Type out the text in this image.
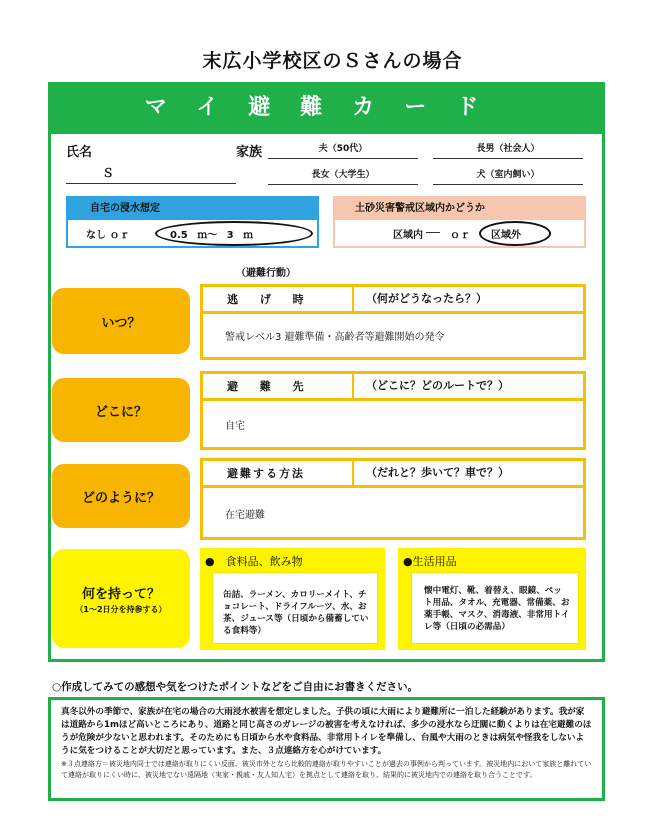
末広小学校区のＳさんの場合
マイ避難カード
氏名
Ｓ
家族	夫（50代）	長男（社会人）
長女（大学生）	犬（室内飼い）
自宅の浸水想定
なし ｏｒ	0.5 ｍ～ 3 ｍ
土砂災害警戒区域内かどうか
区域内	ｏｒ 区域外
（避難行動）
いつ？
逃 げ 時	（何がどうなったら？）
警戒レベル3 避難準備・高齢者等避難開始の発令
どこに？
避 難 先	（どこに？どのルートで？）
自宅
どのように？
避難する方法	（だれと？歩いて？車で？）
在宅避難
何を持って？
（1～2日分を持参する）
●　食料品、飲み物
缶詰、ラーメン、カロリーメイト、チョコレート、ドライフルーツ、水、お茶、ジュース等（日頃から備蓄している食料等）
●生活用品
懐中電灯、靴、着替え、眼鏡、ペット用品、タオル、充電器、常備薬、お薬手帳、マスク、消毒液、非常用トイレ等（日頃の必需品）
○作成してみての感想や気をつけたポイントなどをご自由にお書きください。
真冬以外の季節で、家族が在宅の場合の大雨浸水被害を想定しました。子供の頃に大雨により避難所に一泊した経験があります。我が家は道路から1mほど高いところにあり、道路と同じ高さのガレージの被害を考えなければ、多少の浸水なら迂闊に動くよりは在宅避難のほうが危険が少ないと思われます。そのためにも日頃から水や食料品、非常用トイレを準備し、台風や大雨のときは病気や怪我をしないように気をつけることが大切だと思っています。また、３点連絡方を心がけています。
※３点連絡方＝被災地内同士では連絡が取りにくい反面、被災市外となら比較的連絡が取りやすいことが過去の事例から判っています。被災地内において家族と離れていて連絡が取りにくい時に、被災地でない遠隔地（実家・親戚・友人知人宅）を拠点として連絡を取り、結果的に被災地内での連絡を取り合うことです。
